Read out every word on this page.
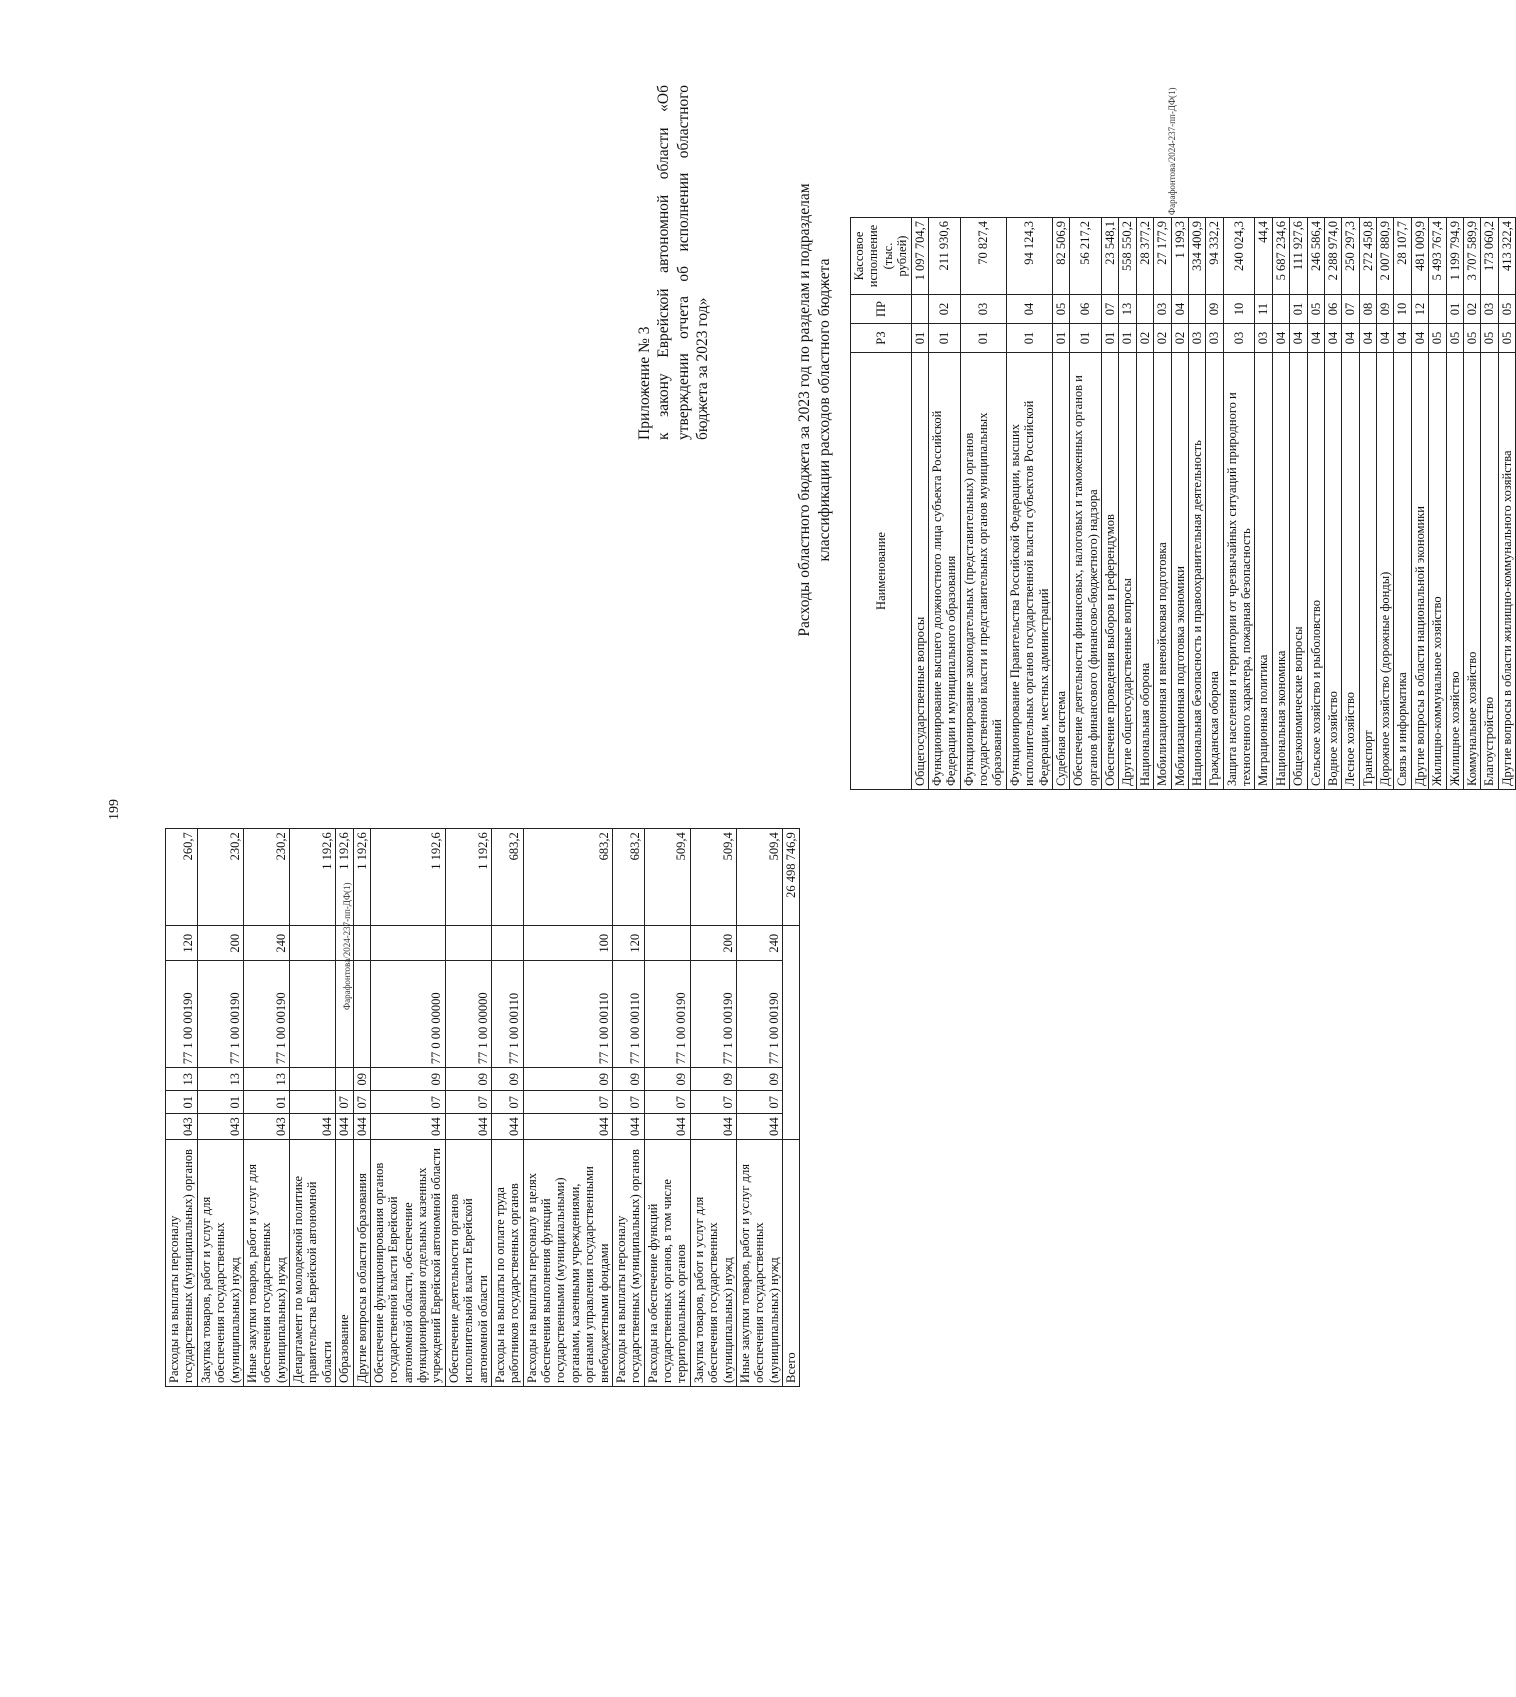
199
Расходы на выплаты персоналу государственных (муниципальных) органов	043	01	13	77 1 00 00190	120	260,7
Закупка товаров, работ и услуг для обеспечения государственных (муниципальных) нужд	043	01	13	77 1 00 00190	200	230,2
Иные закупки товаров, работ и услуг для обеспечения государственных (муниципальных) нужд	043	01	13	77 1 00 00190	240	230,2
Департамент по молодежной политике правительства Еврейской автономной области	044					1 192,6
Образование	044	07				1 192,6
Другие вопросы в области образования	044	07	09			1 192,6
Обеспечение функционирования органов государственной власти Еврейской автономной области, обеспечение функционирования отдельных казенных учреждений Еврейской автономной области	044	07	09	77 0 00 00000		1 192,6
Обеспечение деятельности органов исполнительной власти Еврейской автономной области	044	07	09	77 1 00 00000		1 192,6
Расходы на выплаты по оплате труда работников государственных органов	044	07	09	77 1 00 00110		683,2
Расходы на выплаты персоналу в целях обеспечения выполнения функций государственными (муниципальными) органами, казенными учреждениями, органами управления государственными внебюджетными фондами	044	07	09	77 1 00 00110	100	683,2
Расходы на выплаты персоналу государственных (муниципальных) органов	044	07	09	77 1 00 00110	120	683,2
Расходы на обеспечение функций государственных органов, в том числе территориальных органов	044	07	09	77 1 00 00190		509,4
Закупка товаров, работ и услуг для обеспечения государственных (муниципальных) нужд	044	07	09	77 1 00 00190	200	509,4
Иные закупки товаров, работ и услуг для обеспечения государственных (муниципальных) нужд	044	07	09	77 1 00 00190	240	509,4
Всего						26 498 746,9
Приложение № 3 к закону Еврейской автономной области «Об утверждении отчета об исполнении областного бюджета за 2023 год»	Расходы областного бюджета за 2023 год по разделам и подразделам классификации расходов областного бюджета
Наименование	РЗ	ПР	Кассовое исполнение (тыс. рублей)
Общегосударственные вопросы	01		1 097 704,7
Функционирование высшего должностного лица субъекта Российской Федерации и муниципального образования	01	02	211 930,6
Функционирование законодательных (представительных) органов государственной власти и представительных органов муниципальных образований	01	03	70 827,4
Функционирование Правительства Российской Федерации, высших исполнительных органов государственной власти субъектов Российской Федерации, местных администраций	01	04	94 124,3
Судебная система	01	05	82 506,9
Обеспечение деятельности финансовых, налоговых и таможенных органов и органов финансового (финансово-бюджетного) надзора	01	06	56 217,2
Обеспечение проведения выборов и референдумов	01	07	23 548,1
Другие общегосударственные вопросы	01	13	558 550,2
Национальная оборона	02		28 377,2
Мобилизационная и вневойсковая подготовка	02	03	27 177,9
Мобилизационная подготовка экономики	02	04	1 199,3
Национальная безопасность и правоохранительная деятельность	03		334 400,9
Гражданская оборона	03	09	94 332,2
Защита населения и территории от чрезвычайных ситуаций природного и техногенного характера, пожарная безопасность	03	10	240 024,3
Миграционная политика	03	11	44,4
Национальная экономика	04		5 687 234,6
Общеэкономические вопросы	04	01	111 927,6
Сельское хозяйство и рыболовство	04	05	246 586,4
Водное хозяйство	04	06	2 288 974,0
Лесное хозяйство	04	07	250 297,3
Транспорт	04	08	272 450,8
Дорожное хозяйство (дорожные фонды)	04	09	2 007 880,9
Связь и информатика	04	10	28 107,7
Другие вопросы в области национальной экономики	04	12	481 009,9
Жилищно-коммунальное хозяйство	05		5 493 767,4
Жилищное хозяйство	05	01	1 199 794,9
Коммунальное хозяйство	05	02	3 707 589,9
Благоустройство	05	03	173 060,2
Другие вопросы в области жилищно-коммунального хозяйства	05	05	413 322,4
Фарафонтова/2024-237-пп-ДФ(1)
Фарафонтова/2024-237-пп-ДФ(1)
